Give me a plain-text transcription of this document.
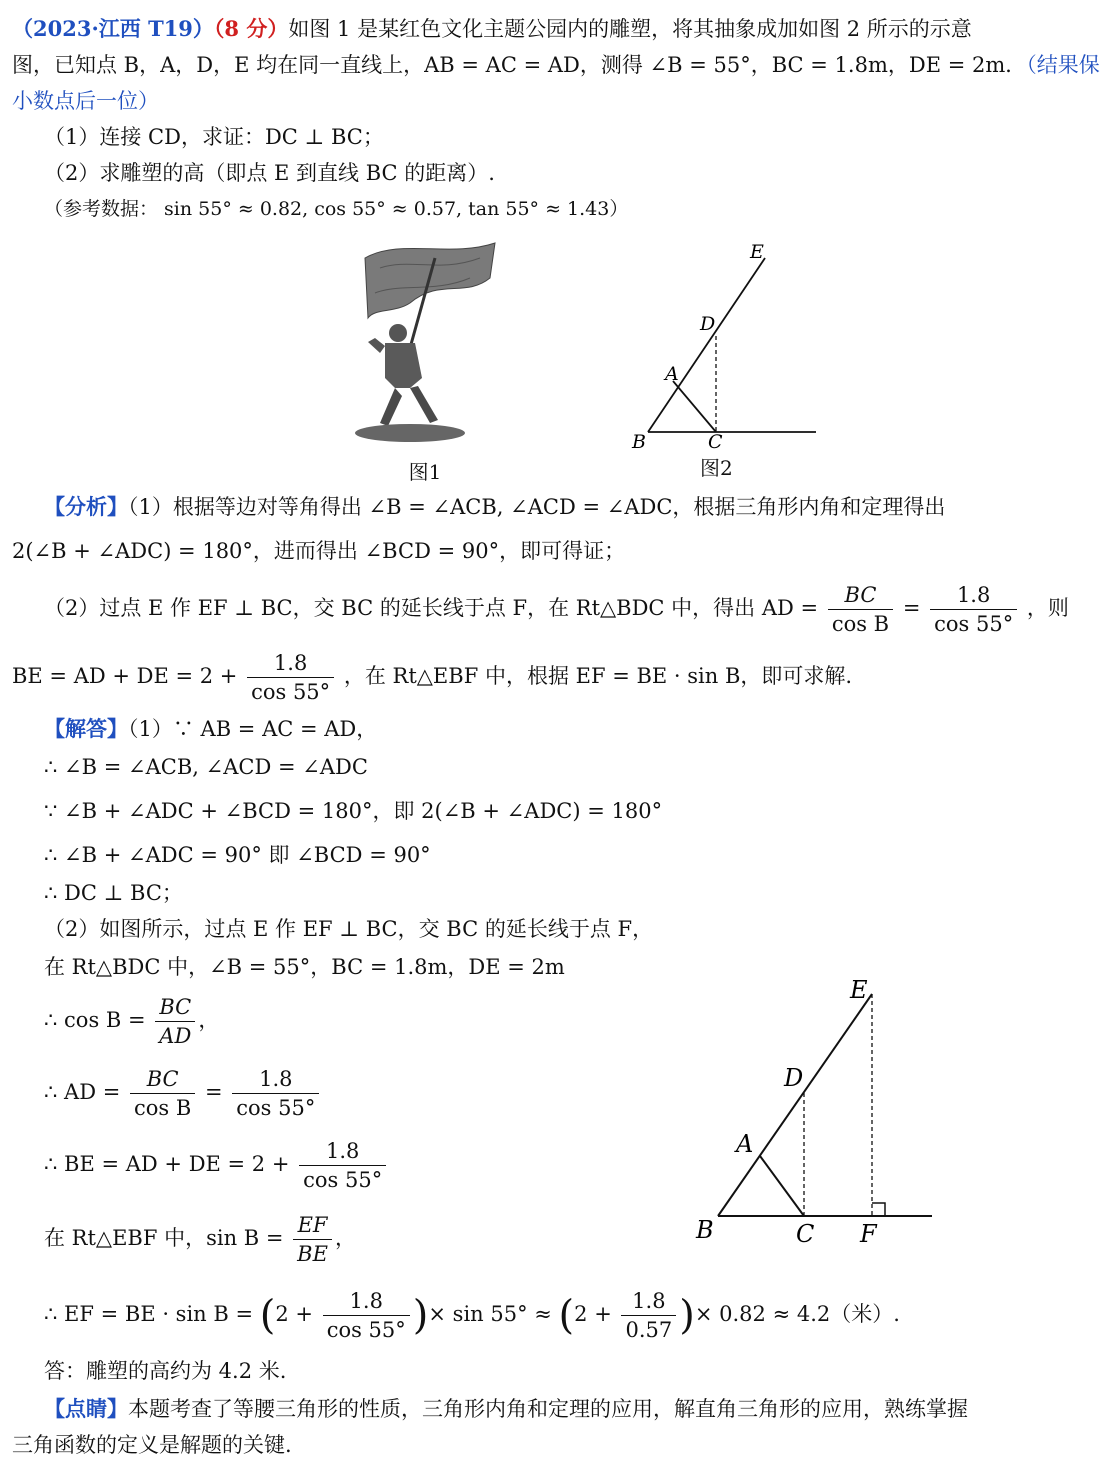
（2023·江西 T19）（8 分）如图 1 是某红色文化主题公园内的雕塑，将其抽象成加如图 2 所示的示意
图，已知点 B，A，D，E 均在同一直线上，AB = AC = AD，测得 ∠B = 55°，BC = 1.8m，DE = 2m．（结果保
小数点后一位）
（1）连接 CD，求证：DC ⊥ BC；
（2）求雕塑的高（即点 E 到直线 BC 的距离）.
（参考数据： sin 55° ≈ 0.82, cos 55° ≈ 0.57, tan 55° ≈ 1.43）
图1
E
D
A
B	C
图2
【分析】（1）根据等边对等角得出 ∠B = ∠ACB, ∠ACD = ∠ADC，根据三角形内角和定理得出
2(∠B + ∠ADC) = 180°，进而得出 ∠BCD = 90°，即可得证；
（2）过点 E 作 EF ⊥ BC，交 BC 的延长线于点 F，在 Rt△BDC 中，得出 AD = $\frac{BC}{\text{cos B}} = \frac{1.8}{\cos 55^\circ}$ ，则
BE = AD + DE = $2 + \frac{1.8}{\cos 55^\circ}$ ，在 Rt△EBF 中，根据 EF = BE · sin B，即可求解.
【解答】（1）∵ AB = AC = AD，
∴ ∠B = ∠ACB, ∠ACD = ∠ADC
∵ ∠B + ∠ADC + ∠BCD = 180°，即 2(∠B + ∠ADC) = 180°
∴ ∠B + ∠ADC = 90° 即 ∠BCD = 90°
∴ DC ⊥ BC；
（2）如图所示，过点 E 作 EF ⊥ BC，交 BC 的延长线于点 F，
在 Rt△BDC 中，∠B = 55°，BC = 1.8m，DE = 2m
∴ $\cos B = \frac{BC}{AD}$ ，
∴ AD = $\frac{BC}{\text{cos B}} = \frac{1.8}{\cos 55^\circ}$
∴ BE = AD + DE = $2 + \frac{1.8}{\cos 55^\circ}$
在 Rt△EBF 中，$\sin B = \frac{EF}{BE}$ ，
∴ EF = BE · $\sin B = (2 + \frac{1.8}{\cos 55^\circ}$ )× $\sin 55^\circ \approx (2 + \frac{1.8}{0.57}$ )× 0.82 ≈ 4.2（米）.
答：雕塑的高约为 4.2 米.
E
D
A
B	C F
【点睛】本题考查了等腰三角形的性质，三角形内角和定理的应用，解直角三角形的应用，熟练掌握
三角函数的定义是解题的关键.
